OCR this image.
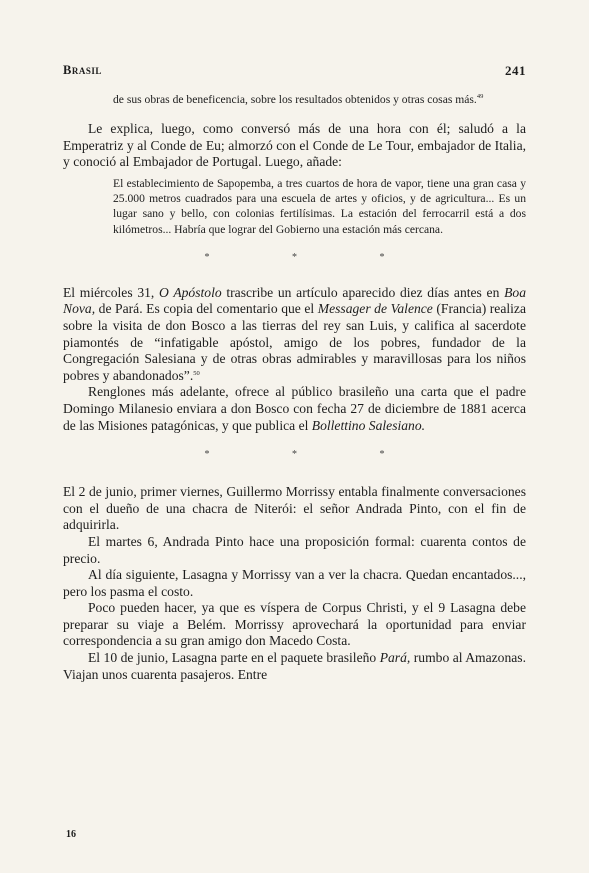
Brasil	241

de sus obras de beneficencia, sobre los resultados obtenidos y otras cosas más.$^{49}$

Le explica, luego, como conversó más de una hora con él; saludó a la Emperatriz y al Conde de Eu; almorzó con el Conde de Le Tour, embajador de Italia, y conoció al Embajador de Portugal. Luego, añade:

El establecimiento de Sapopemba, a tres cuartos de hora de vapor, tiene una gran casa y 25.000 metros cuadrados para una escuela de artes y oficios, y de agricultura... Es un lugar sano y bello, con colonias fertilísimas. La estación del ferrocarril está a dos kilómetros... Habría que lograr del Gobierno una estación más cercana.

* * *

El miércoles 31, O Apóstolo trascribe un artículo aparecido diez días antes en Boa Nova, de Pará. Es copia del comentario que el Messager de Valence (Francia) realiza sobre la visita de don Bosco a las tierras del rey san Luis, y califica al sacerdote piamontés de “infatigable apóstol, amigo de los pobres, fundador de la Congregación Salesiana y de otras obras admirables y maravillosas para los niños pobres y abandonados”.$^{50}$

Renglones más adelante, ofrece al público brasileño una carta que el padre Domingo Milanesio enviara a don Bosco con fecha 27 de diciembre de 1881 acerca de las Misiones patagónicas, y que publica el Bollettino Salesiano.

* * *

El 2 de junio, primer viernes, Guillermo Morrissy entabla finalmente conversaciones con el dueño de una chacra de Niterói: el señor Andrada Pinto, con el fin de adquirirla.

El martes 6, Andrada Pinto hace una proposición formal: cuarenta contos de precio.

Al día siguiente, Lasagna y Morrissy van a ver la chacra. Quedan encantados..., pero los pasma el costo.

Poco pueden hacer, ya que es víspera de Corpus Christi, y el 9 Lasagna debe preparar su viaje a Belém. Morrissy aprovechará la oportunidad para enviar correspondencia a su gran amigo don Macedo Costa.

El 10 de junio, Lasagna parte en el paquete brasileño Pará, rumbo al Amazonas. Viajan unos cuarenta pasajeros. Entre

16
